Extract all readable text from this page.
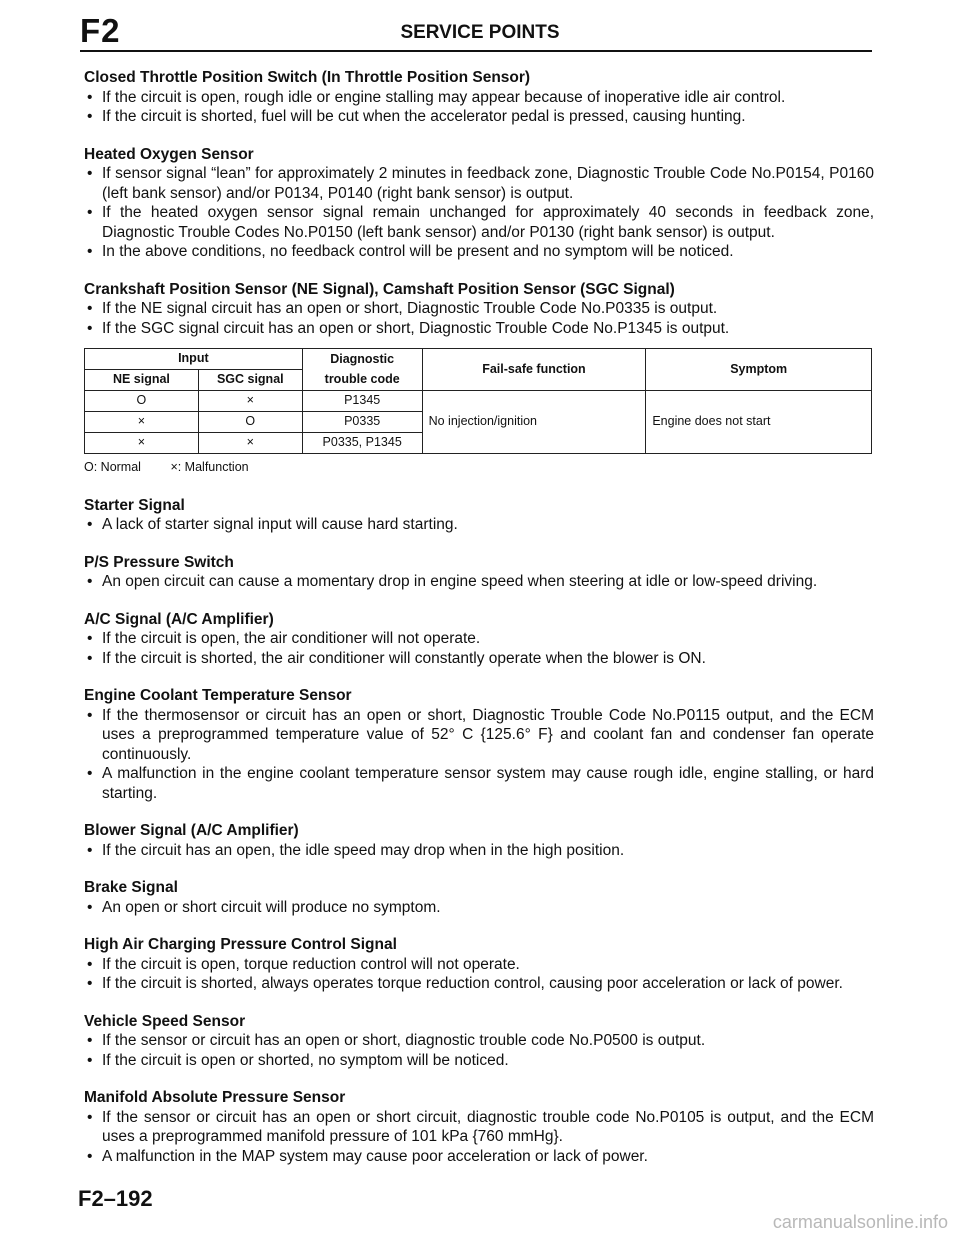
F2	SERVICE POINTS
Closed Throttle Position Switch (In Throttle Position Sensor)
• If the circuit is open, rough idle or engine stalling may appear because of inoperative idle air control.
• If the circuit is shorted, fuel will be cut when the accelerator pedal is pressed, causing hunting.
Heated Oxygen Sensor
• If sensor signal “lean” for approximately 2 minutes in feedback zone, Diagnostic Trouble Code No.P0154, P0160 (left bank sensor) and/or P0134, P0140 (right bank sensor) is output.
• If the heated oxygen sensor signal remain unchanged for approximately 40 seconds in feedback zone, Diagnostic Trouble Codes No.P0150 (left bank sensor) and/or P0130 (right bank sensor) is output.
• In the above conditions, no feedback control will be present and no symptom will be noticed.
Crankshaft Position Sensor (NE Signal), Camshaft Position Sensor (SGC Signal)
• If the NE signal circuit has an open or short, Diagnostic Trouble Code No.P0335 is output.
• If the SGC signal circuit has an open or short, Diagnostic Trouble Code No.P1345 is output.
Input		Diagnostic trouble code	Fail-safe function	Symptom
NE signal	SGC signal			
O	×	P1345	No injection/ignition	Engine does not start
×	O	P0335		
×	×	P0335, P1345		
O: Normal ×: Malfunction
Starter Signal
• A lack of starter signal input will cause hard starting.
P/S Pressure Switch
• An open circuit can cause a momentary drop in engine speed when steering at idle or low-speed driving.
A/C Signal (A/C Amplifier)
• If the circuit is open, the air conditioner will not operate.
• If the circuit is shorted, the air conditioner will constantly operate when the blower is ON.
Engine Coolant Temperature Sensor
• If the thermosensor or circuit has an open or short, Diagnostic Trouble Code No.P0115 output, and the ECM uses a preprogrammed temperature value of 52° C {125.6° F} and coolant fan and condenser fan operate continuously.
• A malfunction in the engine coolant temperature sensor system may cause rough idle, engine stalling, or hard starting.
Blower Signal (A/C Amplifier)
• If the circuit has an open, the idle speed may drop when in the high position.
Brake Signal
• An open or short circuit will produce no symptom.
High Air Charging Pressure Control Signal
• If the circuit is open, torque reduction control will not operate.
• If the circuit is shorted, always operates torque reduction control, causing poor acceleration or lack of power.
Vehicle Speed Sensor
• If the sensor or circuit has an open or short, diagnostic trouble code No.P0500 is output.
• If the circuit is open or shorted, no symptom will be noticed.
Manifold Absolute Pressure Sensor
• If the sensor or circuit has an open or short circuit, diagnostic trouble code No.P0105 is output, and the ECM uses a preprogrammed manifold pressure of 101 kPa {760 mmHg}.
• A malfunction in the MAP system may cause poor acceleration or lack of power.
F2–192
carmanualsonline.info
